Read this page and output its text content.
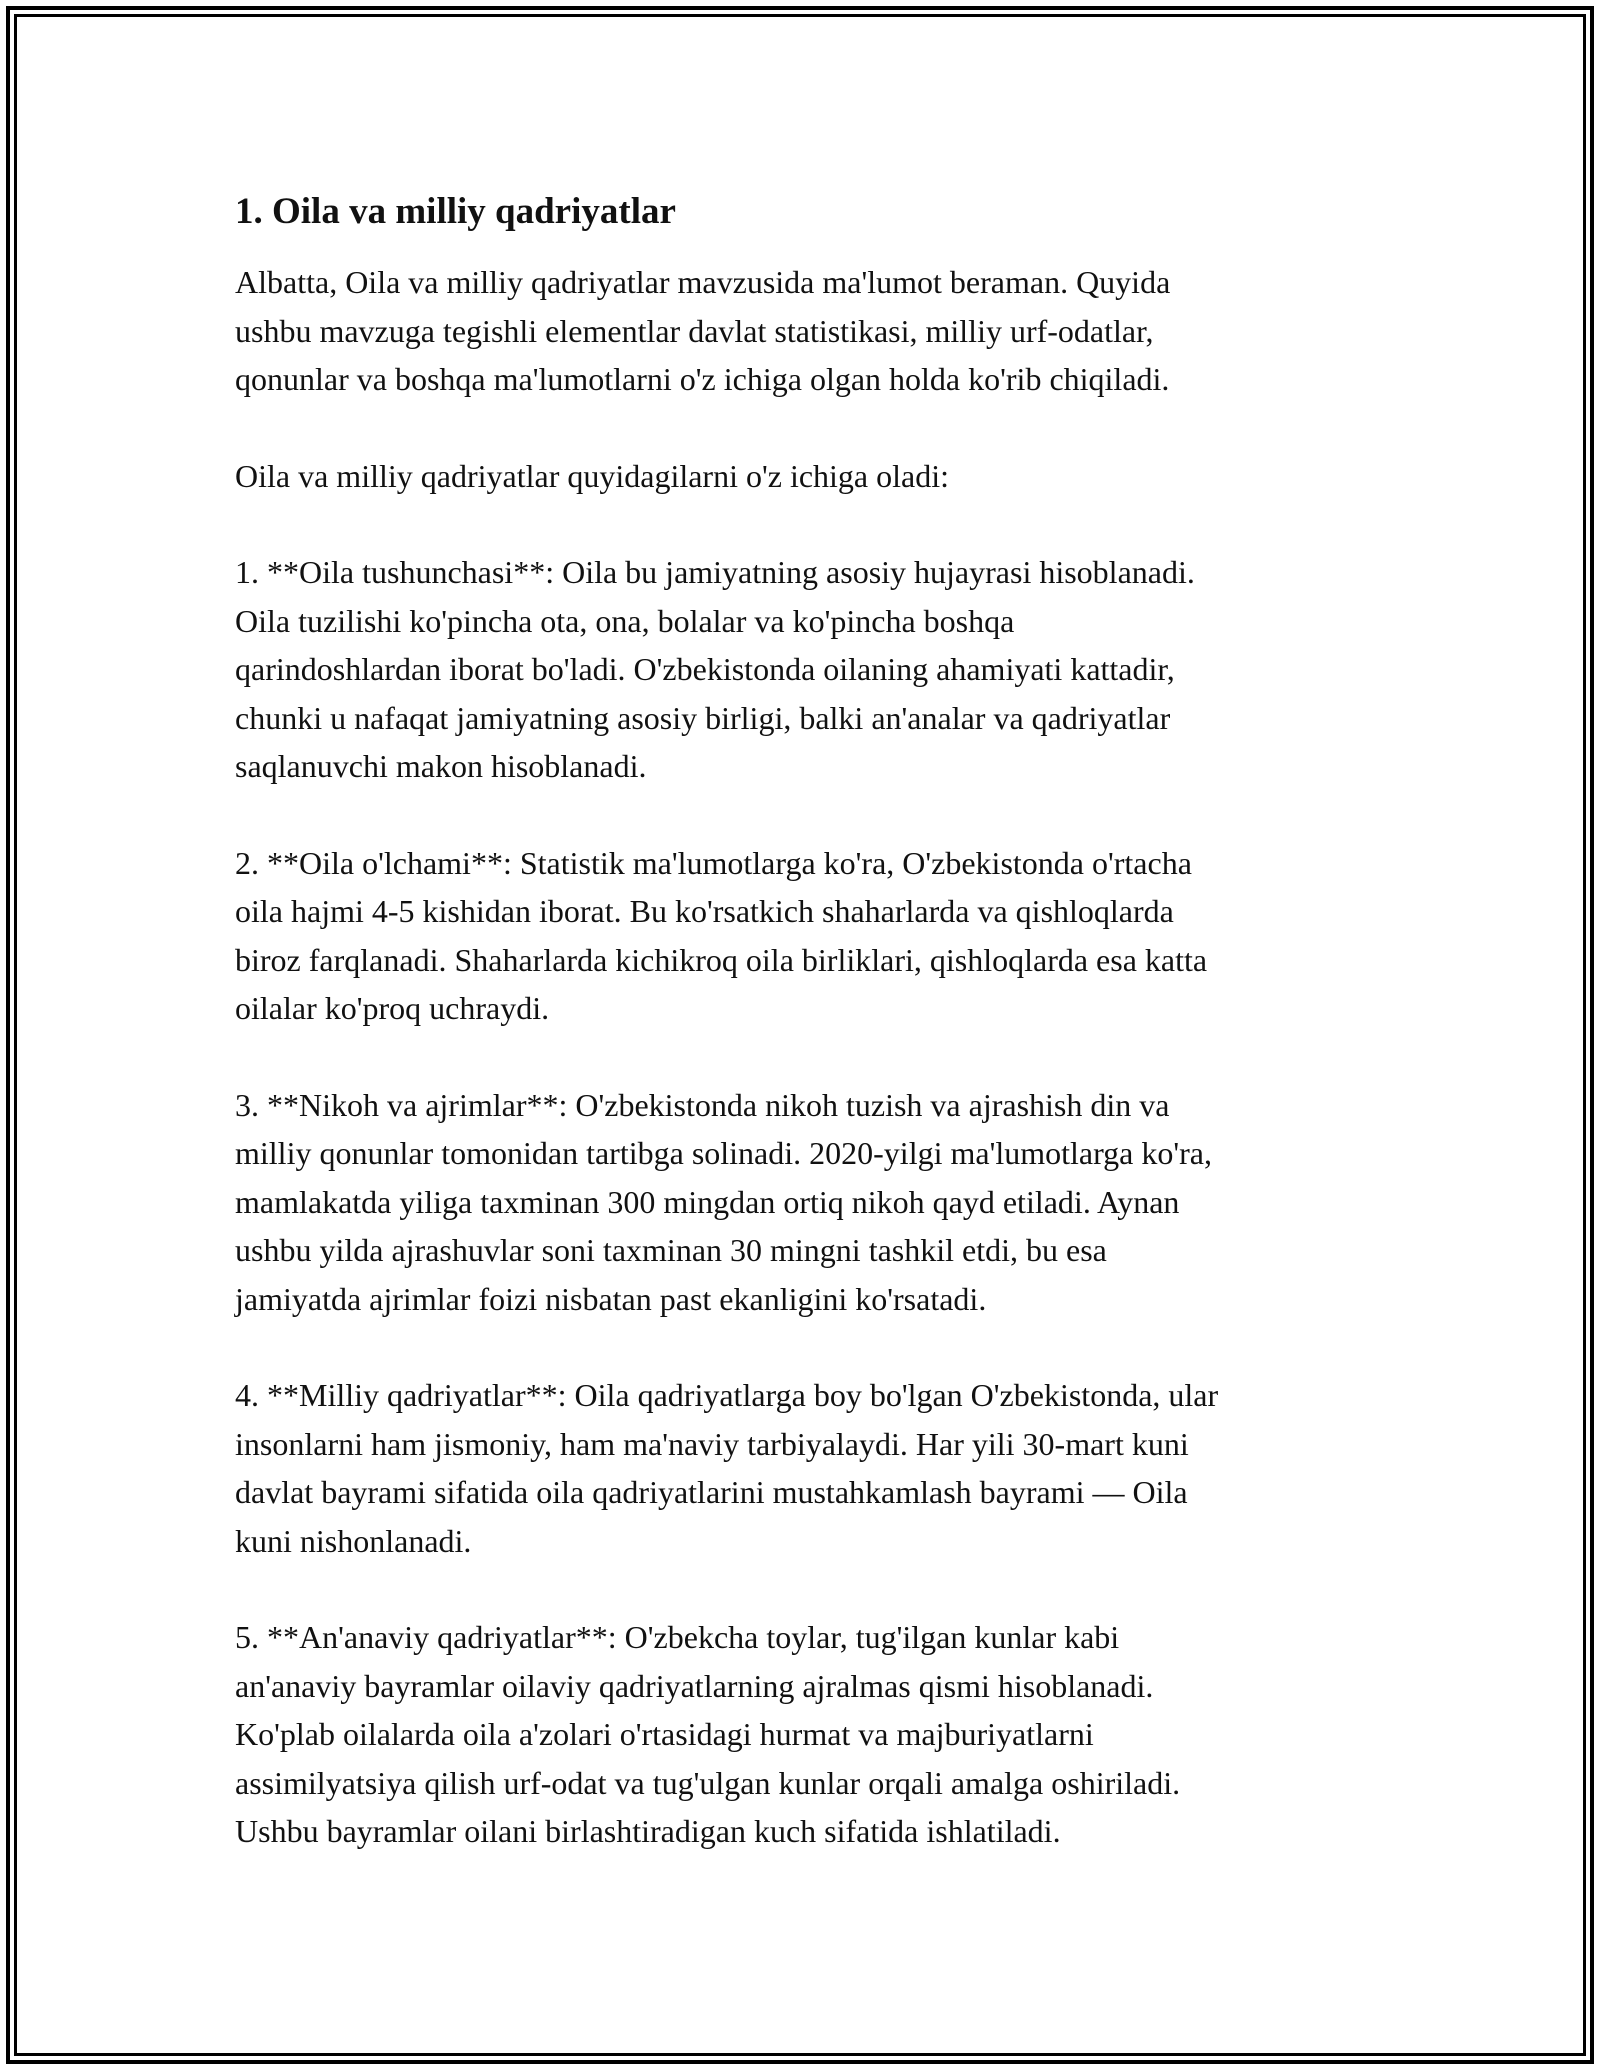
1. Oila va milliy qadriyatlar

Albatta, Oila va milliy qadriyatlar mavzusida ma'lumot beraman. Quyida
ushbu mavzuga tegishli elementlar davlat statistikasi, milliy urf-odatlar,
qonunlar va boshqa ma'lumotlarni o'z ichiga olgan holda ko'rib chiqiladi.

Oila va milliy qadriyatlar quyidagilarni o'z ichiga oladi:

1. **Oila tushunchasi**: Oila bu jamiyatning asosiy hujayrasi hisoblanadi.
Oila tuzilishi ko'pincha ota, ona, bolalar va ko'pincha boshqa
qarindoshlardan iborat bo'ladi. O'zbekistonda oilaning ahamiyati kattadir,
chunki u nafaqat jamiyatning asosiy birligi, balki an'analar va qadriyatlar
saqlanuvchi makon hisoblanadi.

2. **Oila o'lchami**: Statistik ma'lumotlarga ko'ra, O'zbekistonda o'rtacha
oila hajmi 4-5 kishidan iborat. Bu ko'rsatkich shaharlarda va qishloqlarda
biroz farqlanadi. Shaharlarda kichikroq oila birliklari, qishloqlarda esa katta
oilalar ko'proq uchraydi.

3. **Nikoh va ajrimlar**: O'zbekistonda nikoh tuzish va ajrashish din va
milliy qonunlar tomonidan tartibga solinadi. 2020-yilgi ma'lumotlarga ko'ra,
mamlakatda yiliga taxminan 300 mingdan ortiq nikoh qayd etiladi. Aynan
ushbu yilda ajrashuvlar soni taxminan 30 mingni tashkil etdi, bu esa
jamiyatda ajrimlar foizi nisbatan past ekanligini ko'rsatadi.

4. **Milliy qadriyatlar**: Oila qadriyatlarga boy bo'lgan O'zbekistonda, ular
insonlarni ham jismoniy, ham ma'naviy tarbiyalaydi. Har yili 30-mart kuni
davlat bayrami sifatida oila qadriyatlarini mustahkamlash bayrami — Oila
kuni nishonlanadi.

5. **An'anaviy qadriyatlar**: O'zbekcha toylar, tug'ilgan kunlar kabi
an'anaviy bayramlar oilaviy qadriyatlarning ajralmas qismi hisoblanadi.
Ko'plab oilalarda oila a'zolari o'rtasidagi hurmat va majburiyatlarni
assimilyatsiya qilish urf-odat va tug'ulgan kunlar orqali amalga oshiriladi.
Ushbu bayramlar oilani birlashtiradigan kuch sifatida ishlatiladi.
